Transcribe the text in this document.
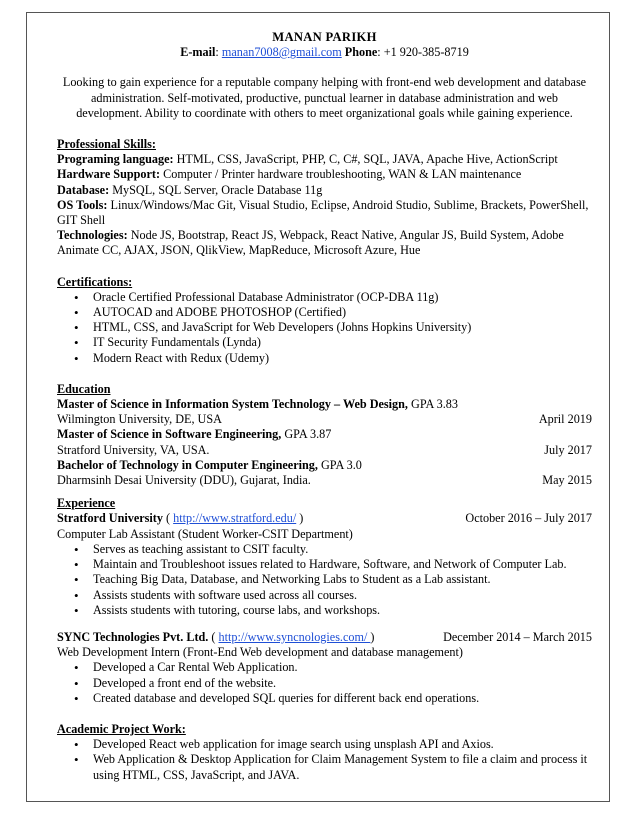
MANAN PARIKH
E-mail: manan7008@gmail.com Phone: +1 920-385-8719
Looking to gain experience for a reputable company helping with front-end web development and database administration. Self-motivated, productive, punctual learner in database administration and web development. Ability to coordinate with others to meet organizational goals while gaining experience.
Professional Skills:
Programing language: HTML, CSS, JavaScript, PHP, C, C#, SQL, JAVA, Apache Hive, ActionScript
Hardware Support: Computer / Printer hardware troubleshooting, WAN & LAN maintenance
Database: MySQL, SQL Server, Oracle Database 11g
OS Tools: Linux/Windows/Mac Git, Visual Studio, Eclipse, Android Studio, Sublime, Brackets, PowerShell, GIT Shell
Technologies: Node JS, Bootstrap, React JS, Webpack, React Native, Angular JS, Build System, Adobe Animate CC, AJAX, JSON, QlikView, MapReduce, Microsoft Azure, Hue
Certifications:
• Oracle Certified Professional Database Administrator (OCP-DBA 11g)
• AUTOCAD and ADOBE PHOTOSHOP (Certified)
• HTML, CSS, and JavaScript for Web Developers (Johns Hopkins University)
• IT Security Fundamentals (Lynda)
• Modern React with Redux (Udemy)
Education
Master of Science in Information System Technology – Web Design, GPA 3.83
Wilmington University, DE, USA	April 2019
Master of Science in Software Engineering, GPA 3.87
Stratford University, VA, USA.	July 2017
Bachelor of Technology in Computer Engineering, GPA 3.0
Dharmsinh Desai University (DDU), Gujarat, India.	May 2015
Experience
Stratford University ( http://www.stratford.edu/ )	October 2016 – July 2017
Computer Lab Assistant (Student Worker-CSIT Department)
• Serves as teaching assistant to CSIT faculty.
• Maintain and Troubleshoot issues related to Hardware, Software, and Network of Computer Lab.
• Teaching Big Data, Database, and Networking Labs to Student as a Lab assistant.
• Assists students with software used across all courses.
• Assists students with tutoring, course labs, and workshops.
SYNC Technologies Pvt. Ltd. ( http://www.syncnologies.com/ )	December 2014 – March 2015
Web Development Intern (Front-End Web development and database management)
• Developed a Car Rental Web Application.
• Developed a front end of the website.
• Created database and developed SQL queries for different back end operations.
Academic Project Work:
• Developed React web application for image search using unsplash API and Axios.
• Web Application & Desktop Application for Claim Management System to file a claim and process it using HTML, CSS, JavaScript, and JAVA.
